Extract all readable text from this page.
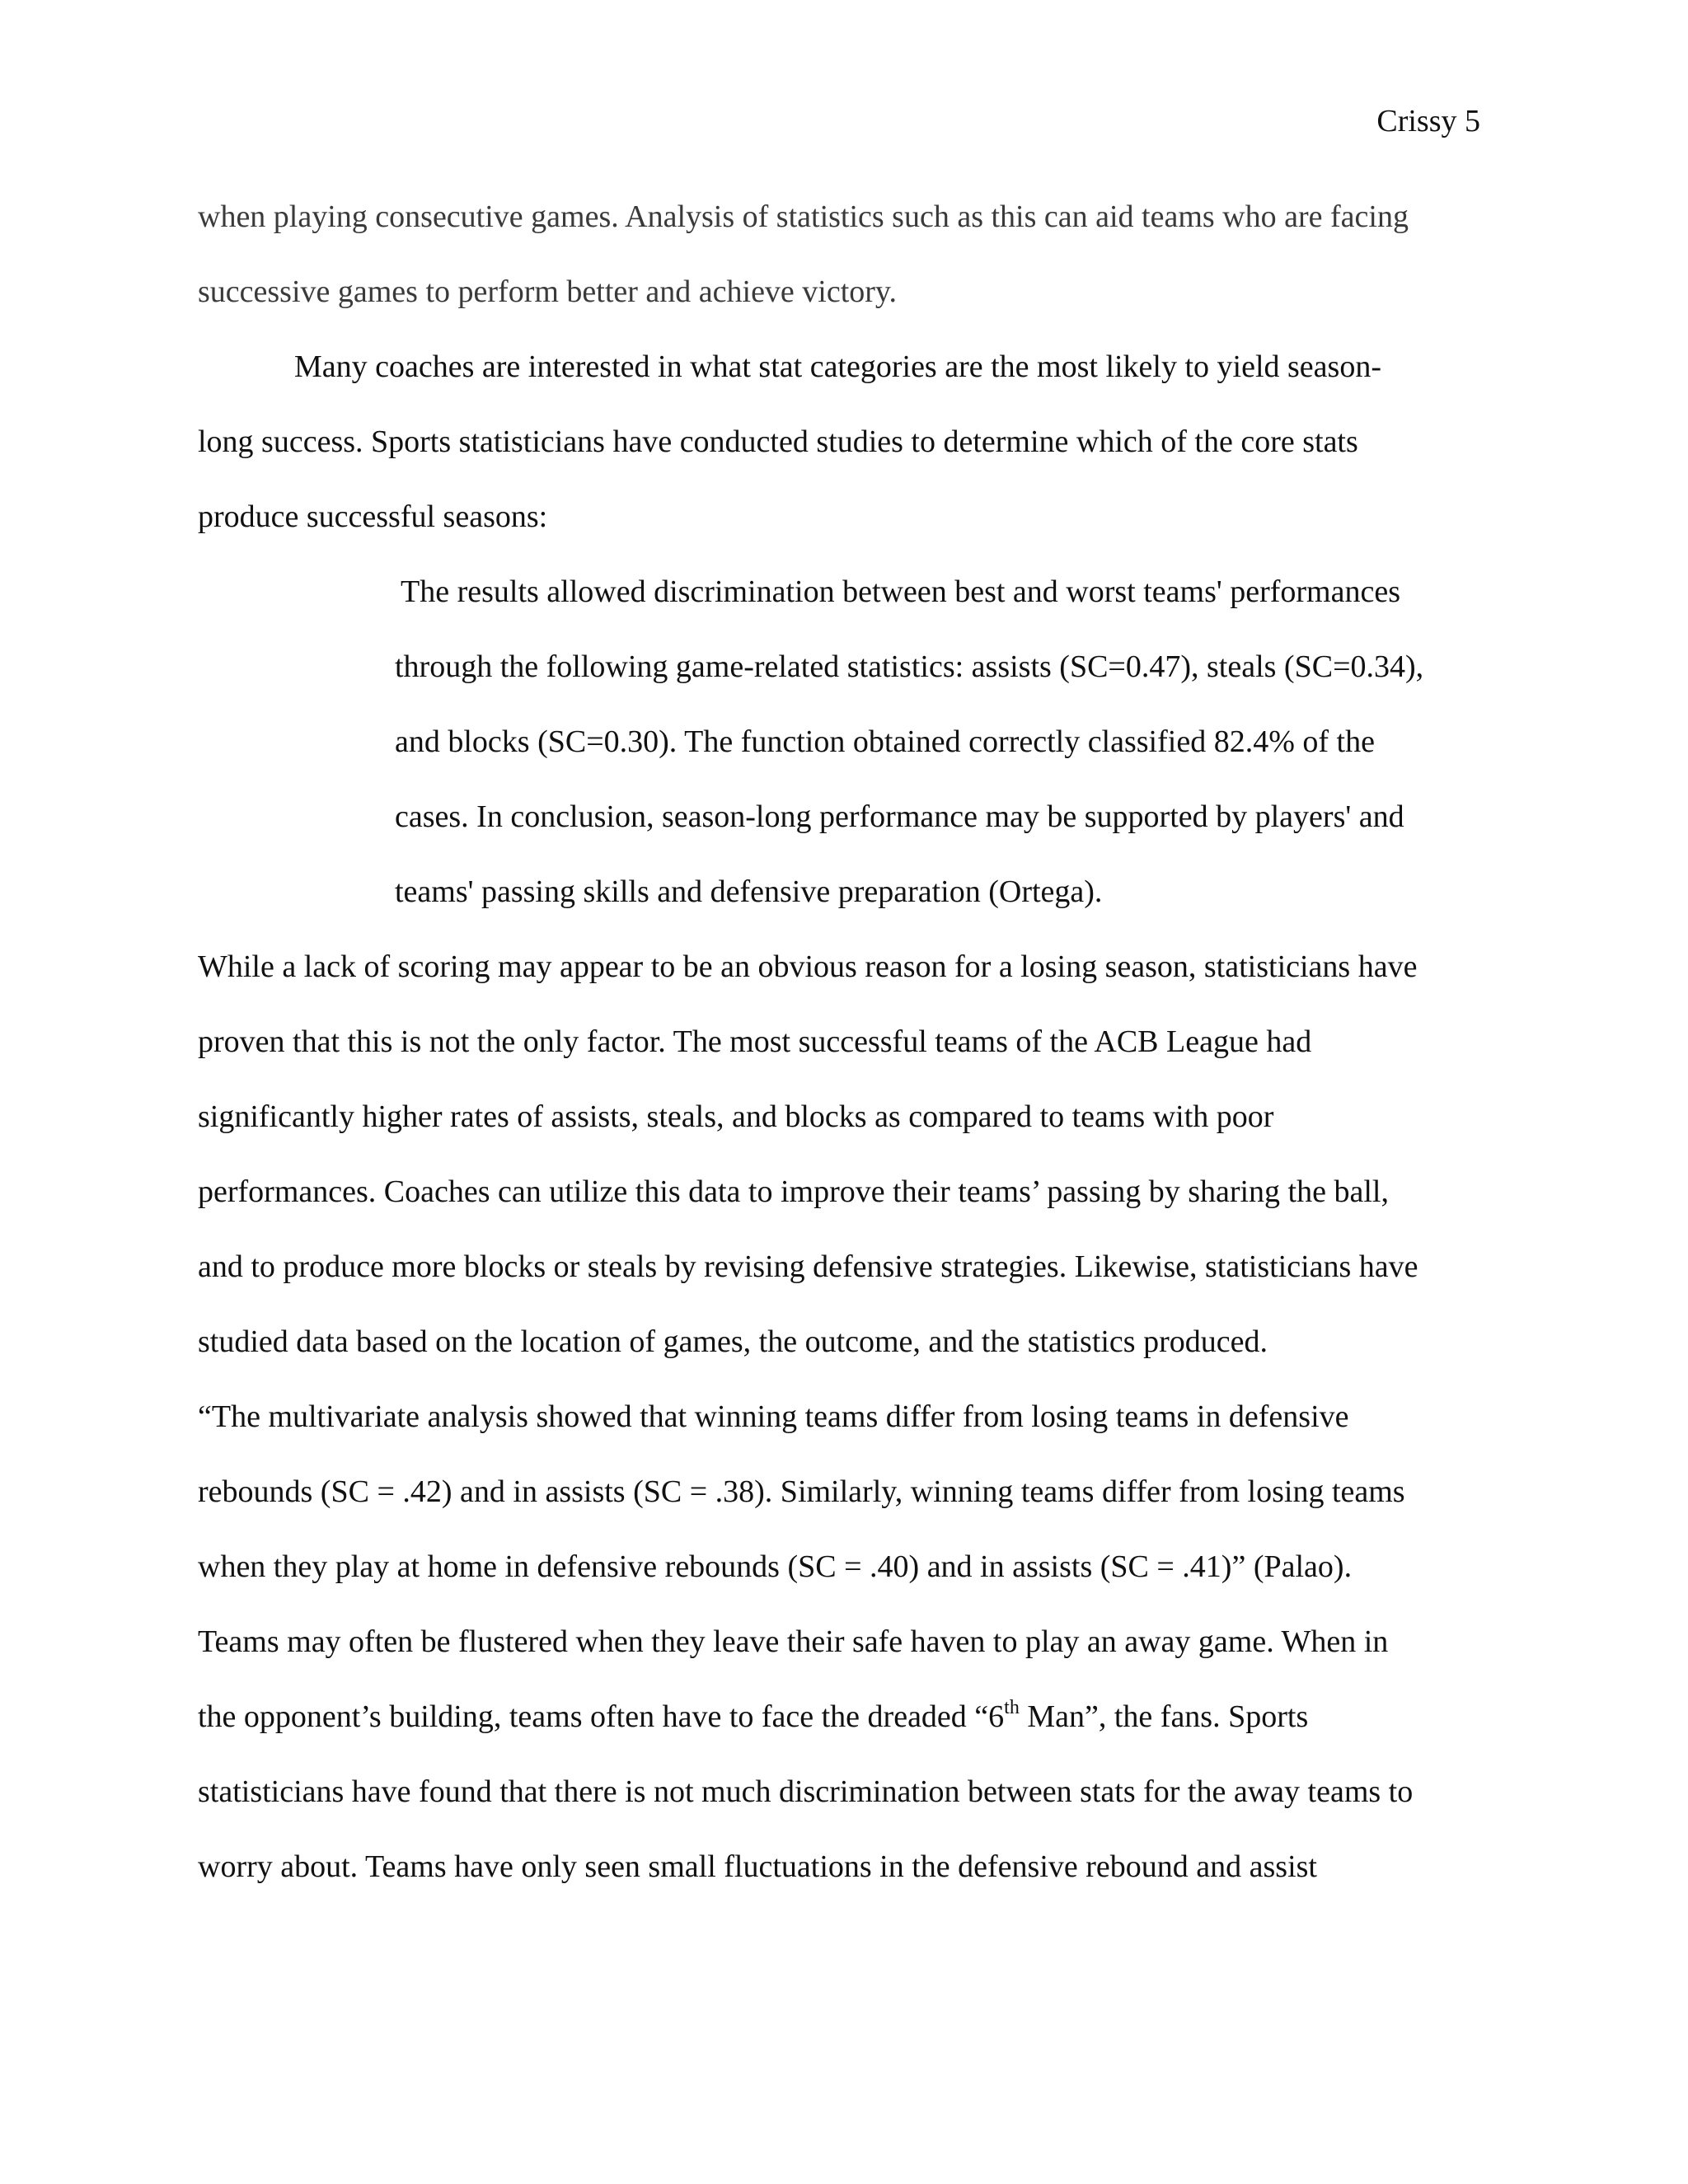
Crissy 5
when playing consecutive games. Analysis of statistics such as this can aid teams who are facing
successive games to perform better and achieve victory.
Many coaches are interested in what stat categories are the most likely to yield season-
long success. Sports statisticians have conducted studies to determine which of the core stats
produce successful seasons:
The results allowed discrimination between best and worst teams' performances
through the following game-related statistics: assists (SC=0.47), steals (SC=0.34),
and blocks (SC=0.30). The function obtained correctly classified 82.4% of the
cases. In conclusion, season-long performance may be supported by players' and
teams' passing skills and defensive preparation (Ortega).
While a lack of scoring may appear to be an obvious reason for a losing season, statisticians have
proven that this is not the only factor. The most successful teams of the ACB League had
significantly higher rates of assists, steals, and blocks as compared to teams with poor
performances. Coaches can utilize this data to improve their teams’ passing by sharing the ball,
and to produce more blocks or steals by revising defensive strategies. Likewise, statisticians have
studied data based on the location of games, the outcome, and the statistics produced.
“The multivariate analysis showed that winning teams differ from losing teams in defensive
rebounds (SC = .42) and in assists (SC = .38). Similarly, winning teams differ from losing teams
when they play at home in defensive rebounds (SC = .40) and in assists (SC = .41)” (Palao).
Teams may often be flustered when they leave their safe haven to play an away game. When in
the opponent’s building, teams often have to face the dreaded “6th Man”, the fans. Sports
statisticians have found that there is not much discrimination between stats for the away teams to
worry about. Teams have only seen small fluctuations in the defensive rebound and assist
